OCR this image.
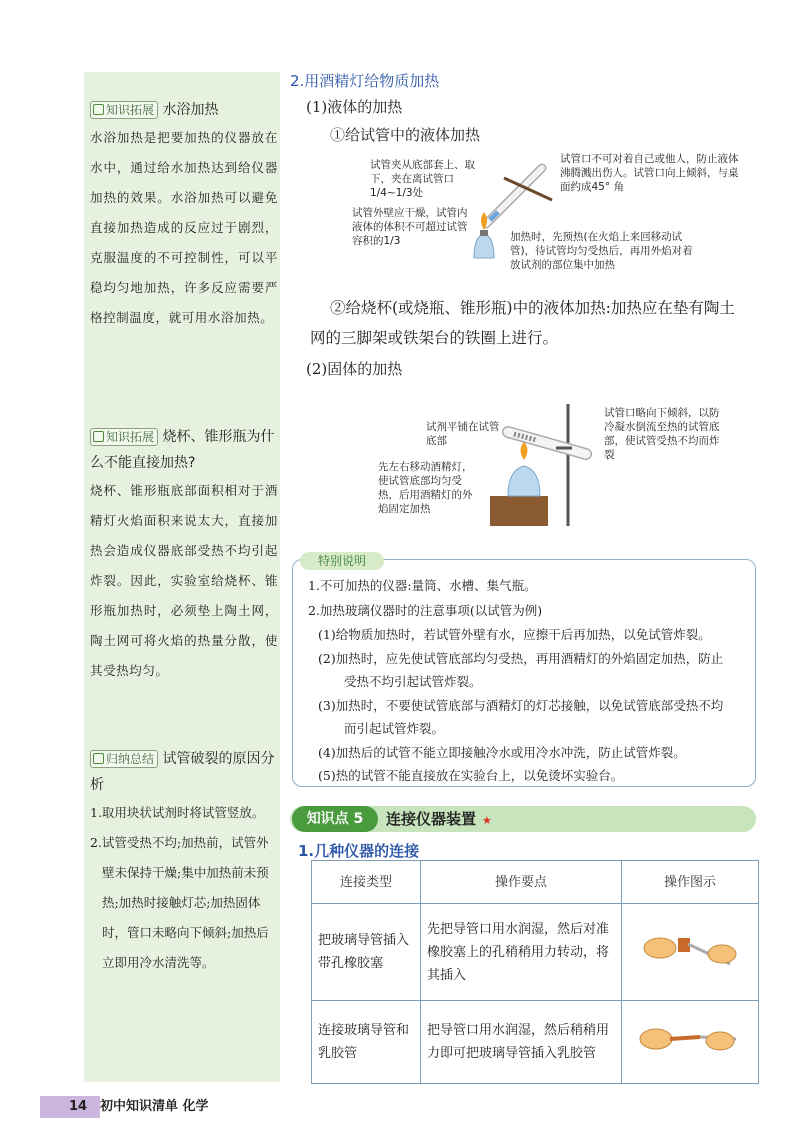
知识拓展 水浴加热
水浴加热是把要加热的仪器放在水中，通过给水加热达到给仪器加热的效果。水浴加热可以避免直接加热造成的反应过于剧烈，克服温度的不可控制性，可以平稳均匀地加热，许多反应需要严格控制温度，就可用水浴加热。
知识拓展 烧杯、锥形瓶为什么不能直接加热?
烧杯、锥形瓶底部面积相对于酒精灯火焰面积来说太大，直接加热会造成仪器底部受热不均引起炸裂。因此，实验室给烧杯、锥形瓶加热时，必须垫上陶土网，陶土网可将火焰的热量分散，使其受热均匀。
归纳总结 试管破裂的原因分析
1.取用块状试剂时将试管竖放。
2.试管受热不均;加热前，试管外壁未保持干燥;集中加热前未预热;加热时接触灯芯;加热固体时，管口未略向下倾斜;加热后立即用冷水清洗等。
2.用酒精灯给物质加热
(1)液体的加热
①给试管中的液体加热
试管夹从底部套上、取下，夹在离试管口1/4~1/3处
试管外壁应干燥，试管内液体的体积不可超过试管容积的1/3
试管口不可对着自己或他人，防止液体沸腾溅出伤人。试管口向上倾斜，与桌面约成45° 角
加热时，先预热(在火焰上来回移动试管)，待试管均匀受热后，再用外焰对着放试剂的部位集中加热
②给烧杯(或烧瓶、锥形瓶)中的液体加热:加热应在垫有陶土
网的三脚架或铁架台的铁圈上进行。
(2)固体的加热
试剂平铺在试管底部
试管口略向下倾斜，以防冷凝水倒流至热的试管底部，使试管受热不均而炸裂
先左右移动酒精灯，使试管底部均匀受热，后用酒精灯的外焰固定加热
特别说明
1.不可加热的仪器:量筒、水槽、集气瓶。
2.加热玻璃仪器时的注意事项(以试管为例)
(1)给物质加热时，若试管外壁有水，应擦干后再加热，以免试管炸裂。
(2)加热时，应先使试管底部均匀受热，再用酒精灯的外焰固定加热，防止
受热不均引起试管炸裂。
(3)加热时，不要使试管底部与酒精灯的灯芯接触，以免试管底部受热不均
而引起试管炸裂。
(4)加热后的试管不能立即接触冷水或用冷水冲洗，防止试管炸裂。
(5)热的试管不能直接放在实验台上，以免烫坏实验台。
知识点 5	连接仪器装置 ★
1.几种仪器的连接
连接类型	操作要点	操作图示
把玻璃导管插入带孔橡胶塞	先把导管口用水润湿，然后对准橡胶塞上的孔稍稍用力转动，将其插入	
连接玻璃导管和乳胶管	把导管口用水润湿，然后稍稍用力即可把玻璃导管插入乳胶管	
14 初中知识清单 化学
